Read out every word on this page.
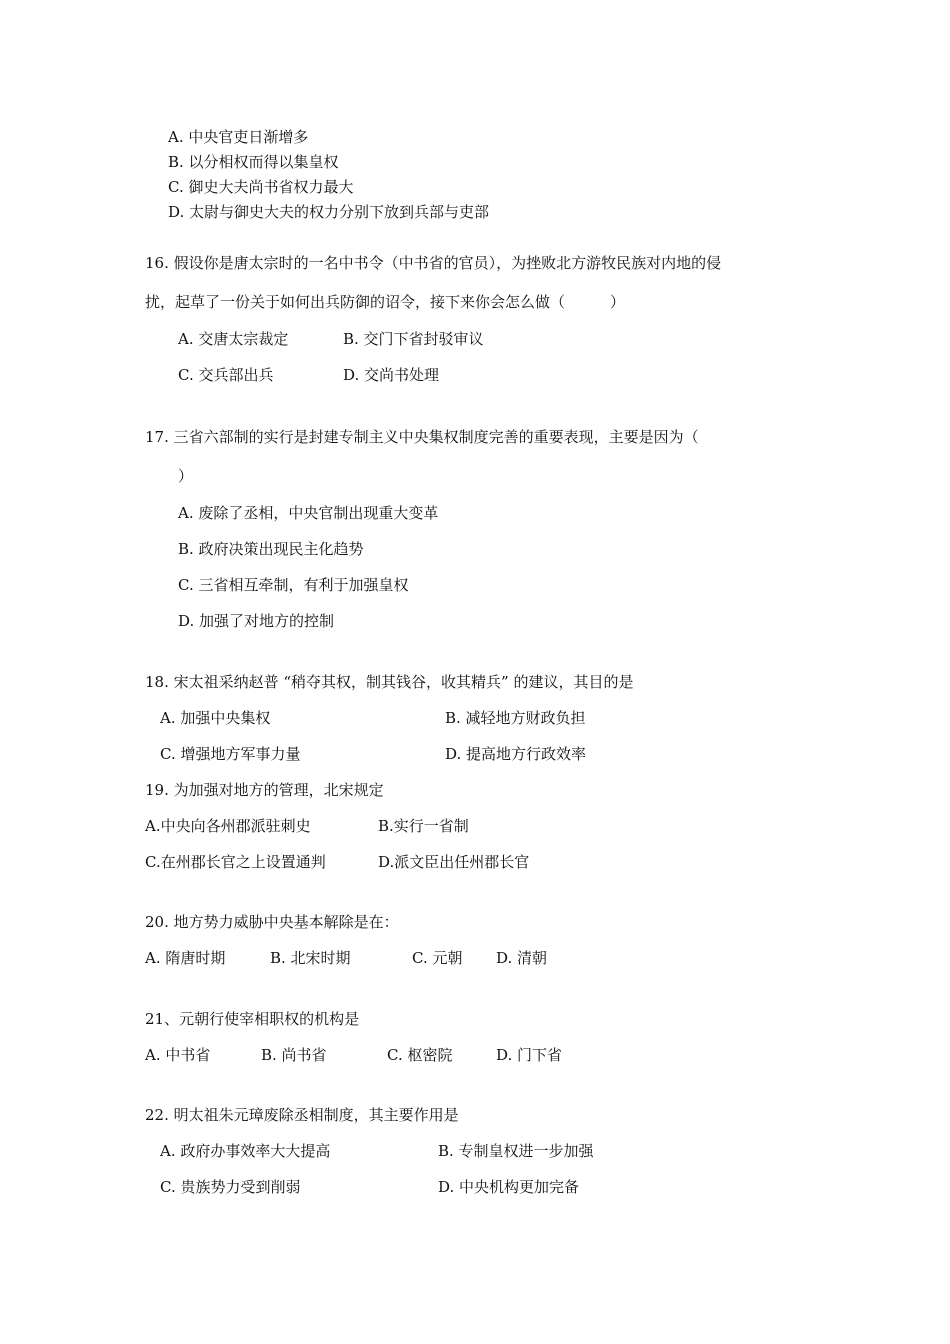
A. 中央官吏日渐增多
B. 以分相权而得以集皇权
C. 御史大夫尚书省权力最大
D. 太尉与御史大夫的权力分别下放到兵部与吏部
16. 假设你是唐太宗时的一名中书令（中书省的官员），为挫败北方游牧民族对内地的侵
扰，起草了一份关于如何出兵防御的诏令，接下来你会怎么做（　　　）
A. 交唐太宗裁定	B. 交门下省封驳审议
C. 交兵部出兵	D. 交尚书处理
17. 三省六部制的实行是封建专制主义中央集权制度完善的重要表现，主要是因为（
）
A. 废除了丞相，中央官制出现重大变革
B. 政府决策出现民主化趋势
C. 三省相互牵制，有利于加强皇权
D. 加强了对地方的控制
18. 宋太祖采纳赵普 “稍夺其权，制其钱谷，收其精兵” 的建议，其目的是
A. 加强中央集权	B. 减轻地方财政负担
C. 增强地方军事力量	D. 提高地方行政效率
19. 为加强对地方的管理，北宋规定
A.中央向各州郡派驻刺史	B.实行一省制
C.在州郡长官之上设置通判	D.派文臣出任州郡长官
20. 地方势力威胁中央基本解除是在：
A. 隋唐时期	B. 北宋时期	C. 元朝 D. 清朝
21、元朝行使宰相职权的机构是
A. 中书省	B. 尚书省	C. 枢密院	D. 门下省
22. 明太祖朱元璋废除丞相制度，其主要作用是
A. 政府办事效率大大提高	B. 专制皇权进一步加强
C. 贵族势力受到削弱	D. 中央机构更加完备
